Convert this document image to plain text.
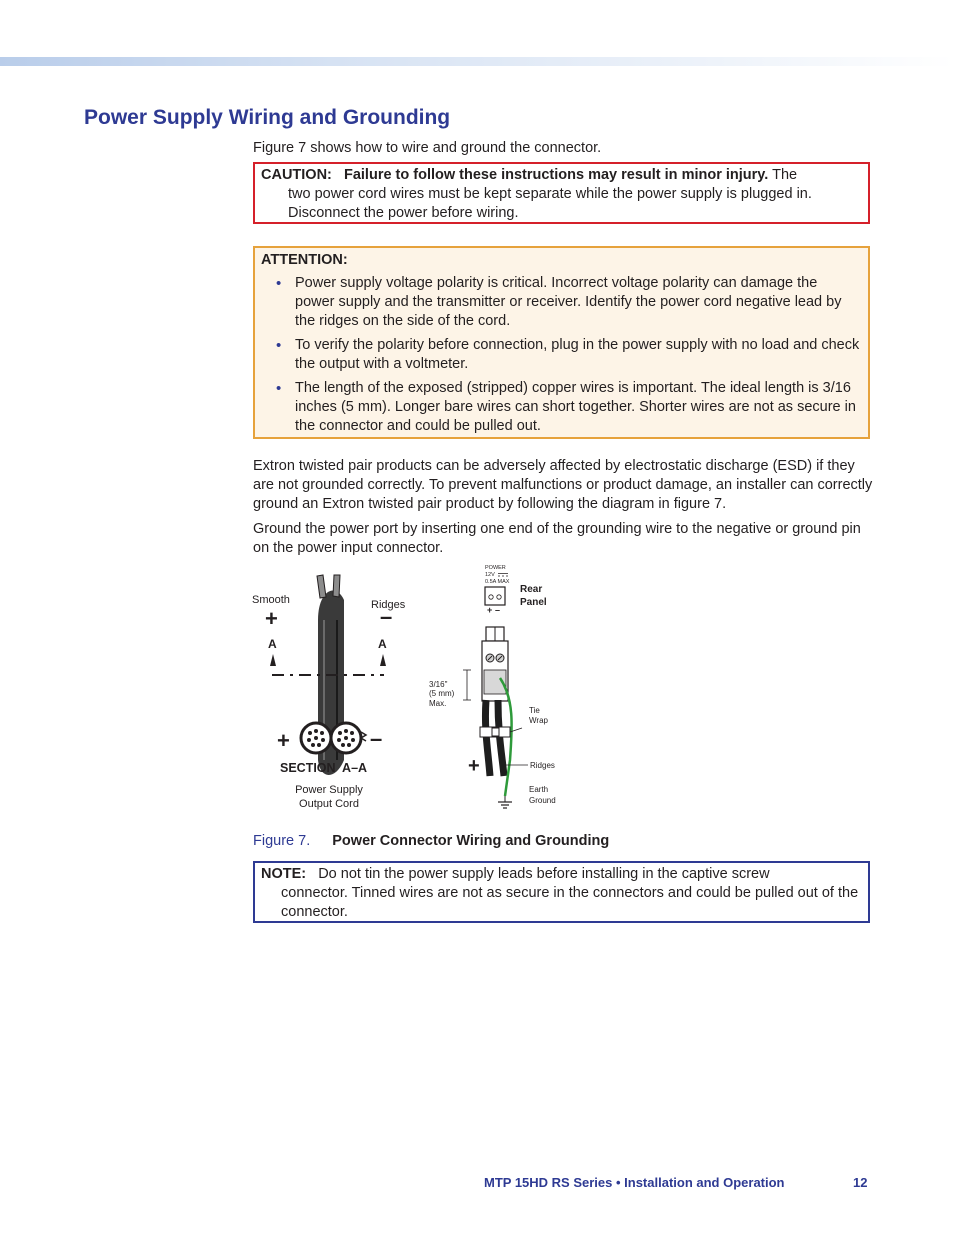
Power Supply Wiring and Grounding

Figure 7 shows how to wire and ground the connector.

CAUTION: Failure to follow these instructions may result in minor injury. The
two power cord wires must be kept separate while the power supply is plugged in. Disconnect the power before wiring.
ATTENTION:
• Power supply voltage polarity is critical. Incorrect voltage polarity can damage the power supply and the transmitter or receiver. Identify the power cord negative lead by the ridges on the side of the cord.
• To verify the polarity before connection, plug in the power supply with no load and check the output with a voltmeter.
• The length of the exposed (stripped) copper wires is important. The ideal length is 3/16 inches (5 mm). Longer bare wires can short together. Shorter wires are not as secure in the connector and could be pulled out.

Extron twisted pair products can be adversely affected by electrostatic discharge (ESD) if they are not grounded correctly. To prevent malfunctions or product damage, an installer can correctly ground an Extron twisted pair product by following the diagram in figure 7.

Ground the power port by inserting one end of the grounding wire to the negative or ground pin on the power input connector.

Smooth	Ridges
+	–
A	A
+	–
SECTION  A–A
Power Supply
Output Cord
POWER
12V
0.5A MAX
+ –
Rear
Panel
3/16"
(5 mm)
Max.
Tie
Wrap
+	Ridges
Earth
Ground
Figure 7. Power Connector Wiring and Grounding
NOTE: Do not tin the power supply leads before installing in the captive screw
connector. Tinned wires are not as secure in the connectors and could be pulled out of the connector.
MTP 15HD RS Series • Installation and Operation	12
